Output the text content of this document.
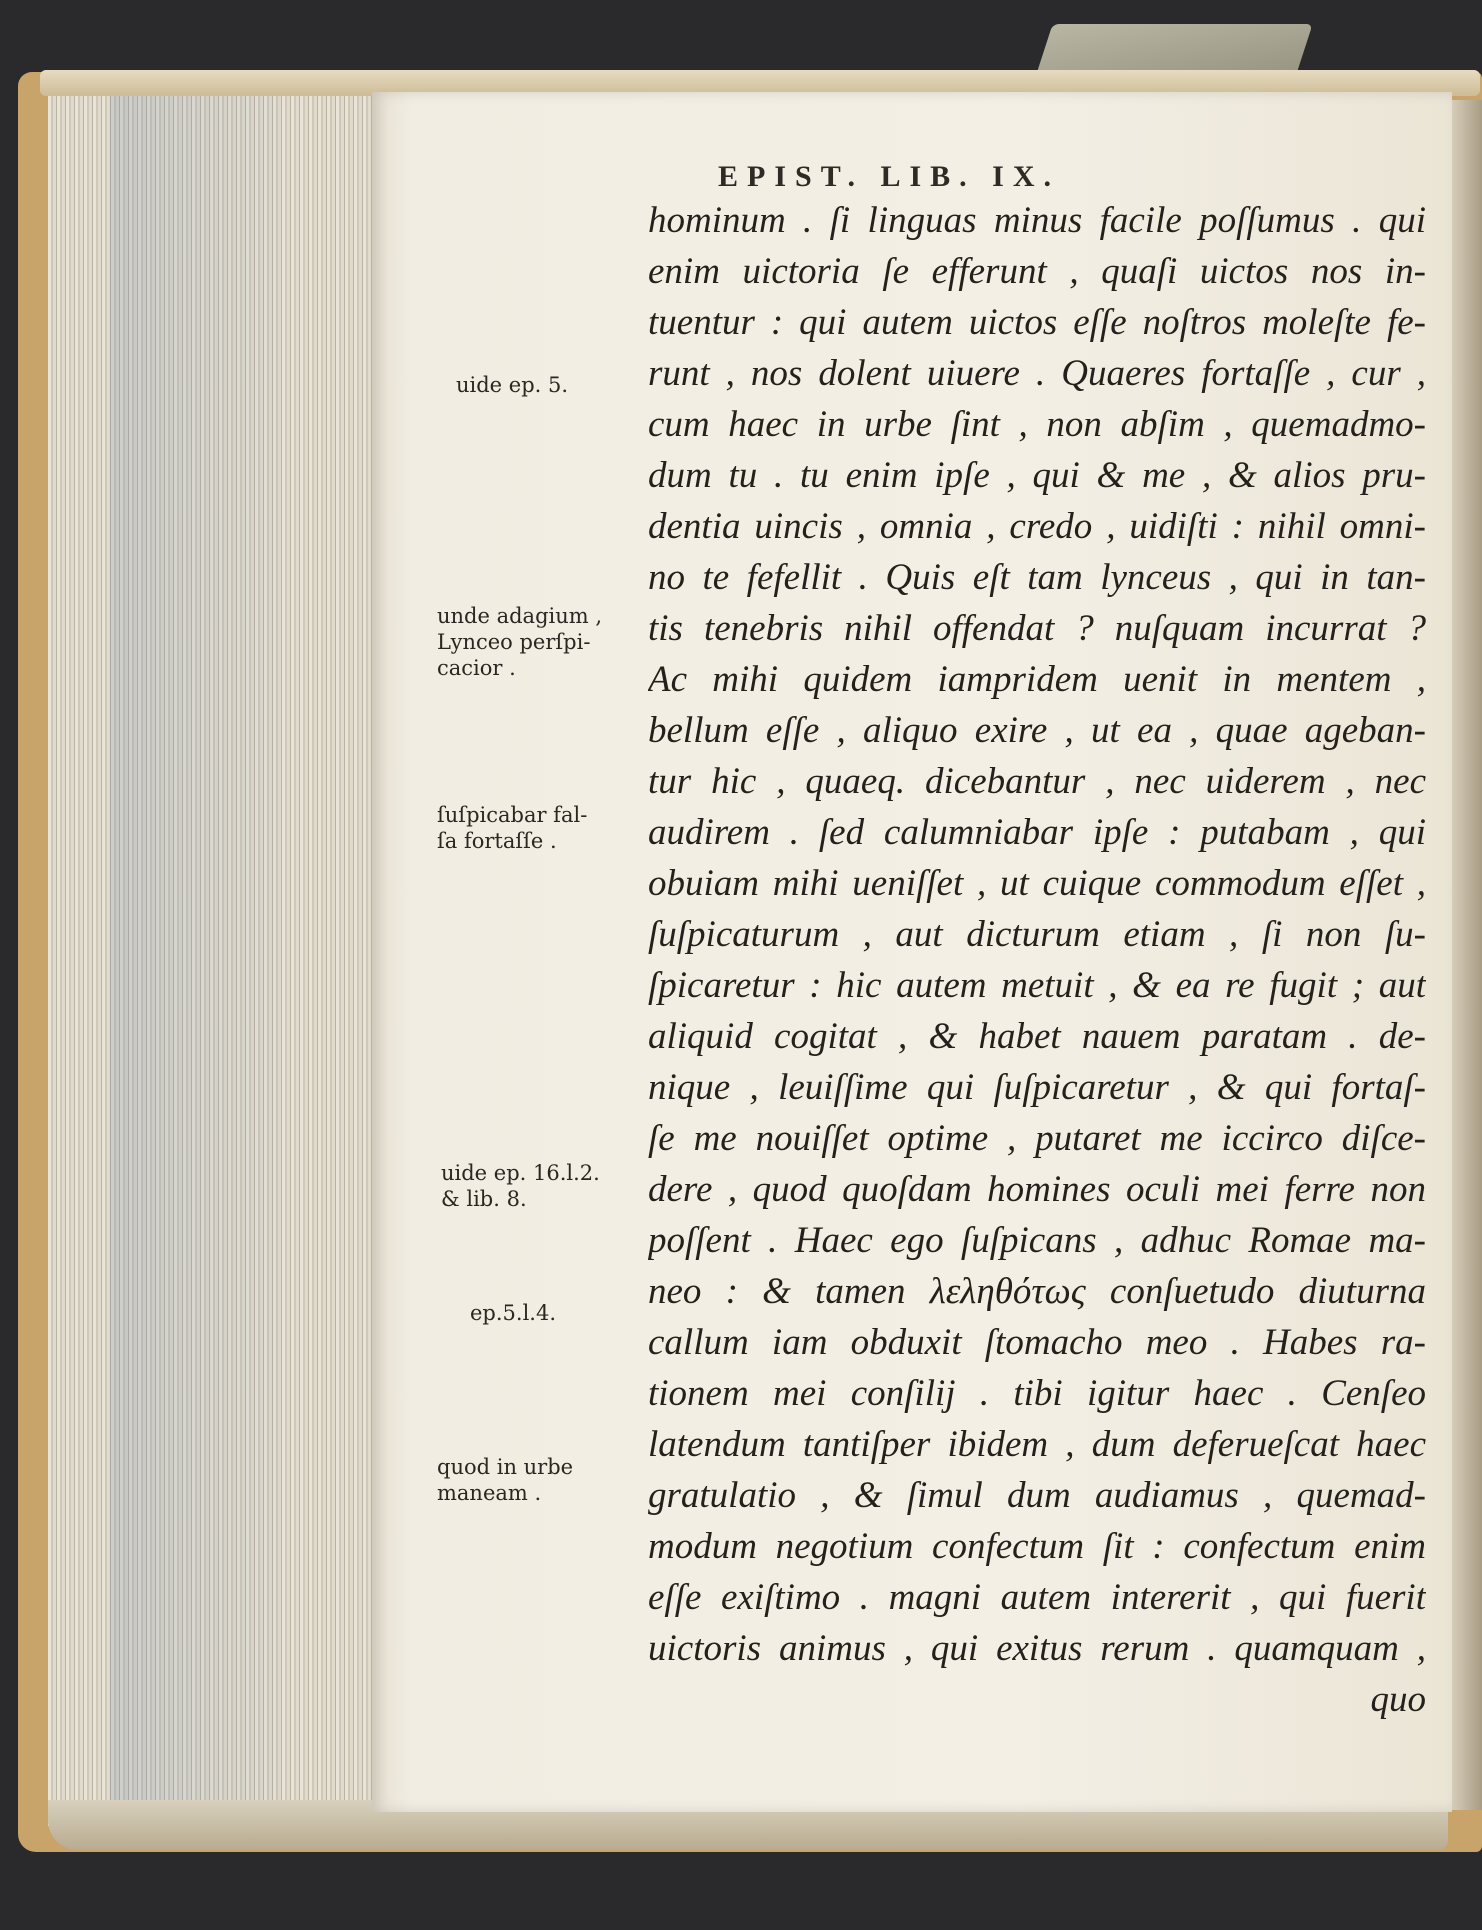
EPIST. LIB. IX.
hominum . ſi linguas minus facile poſſumus . qui
enim uictoria ſe efferunt , quaſi uictos nos in-
tuentur : qui autem uictos eſſe noſtros moleſte fe-
runt , nos dolent uiuere . Quaeres fortaſſe , cur ,
cum haec in urbe ſint , non abſim , quemadmo-
dum tu . tu enim ipſe , qui & me , & alios pru-
dentia uincis , omnia , credo , uidiſti : nihil omni-
no te fefellit . Quis eſt tam lynceus , qui in tan-
tis tenebris nihil offendat ? nuſquam incurrat ?
Ac mihi quidem iampridem uenit in mentem ,
bellum eſſe , aliquo exire , ut ea , quae ageban-
tur hic , quaeq. dicebantur , nec uiderem , nec
audirem . ſed calumniabar ipſe : putabam , qui
obuiam mihi ueniſſet , ut cuique commodum eſſet ,
ſuſpicaturum , aut dicturum etiam , ſi non ſu-
ſpicaretur : hic autem metuit , & ea re fugit ; aut
aliquid cogitat , & habet nauem paratam . de-
nique , leuiſſime qui ſuſpicaretur , & qui fortaſ-
ſe me nouiſſet optime , putaret me iccirco diſce-
dere , quod quoſdam homines oculi mei ferre non
poſſent . Haec ego ſuſpicans , adhuc Romae ma-
neo : & tamen λεληθότως conſuetudo diuturna
callum iam obduxit ſtomacho meo . Habes ra-
tionem mei conſilij . tibi igitur haec . Cenſeo
latendum tantiſper ibidem , dum deferueſcat haec
gratulatio , & ſimul dum audiamus , quemad-
modum negotium confectum ſit : confectum enim
eſſe exiſtimo . magni autem intererit , qui fuerit
uictoris animus , qui exitus rerum . quamquam ,
quo
uide ep. 5.
unde adagium ,
Lynceo perſpi-
cacior .
ſuſpicabar fal-
ſa fortaſſe .
uide ep. 16.l.2.
& lib. 8.
ep.5.l.4.
quod in urbe
maneam .
